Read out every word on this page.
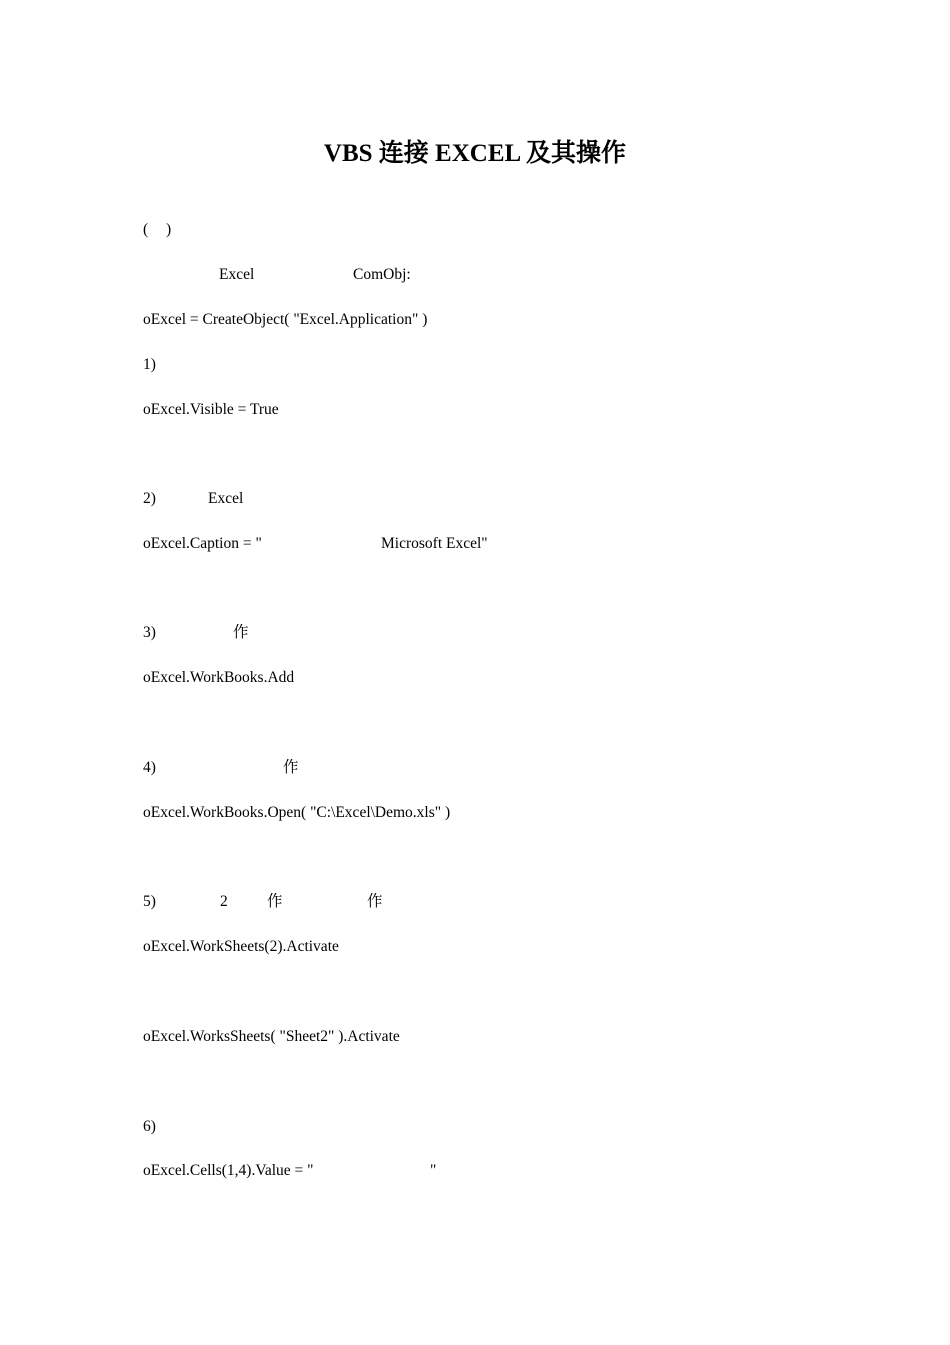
VBS 连接 EXCEL 及其操作

(

)

Excel

	ComObj:

oExcel = CreateObject( "Excel.Application" )

1)

oExcel.Visible = True

2)

	Excel

oExcel.Caption = "

	Microsoft Excel"

3)

	作

oExcel.WorkBooks.Add

4)

	作

oExcel.WorkBooks.Open( "C:\Excel\Demo.xls" )

5)

	2

	作

	作

oExcel.WorkSheets(2).Activate

oExcel.WorksSheets( "Sheet2" ).Activate

6)

oExcel.Cells(1,4).Value = "

	"
